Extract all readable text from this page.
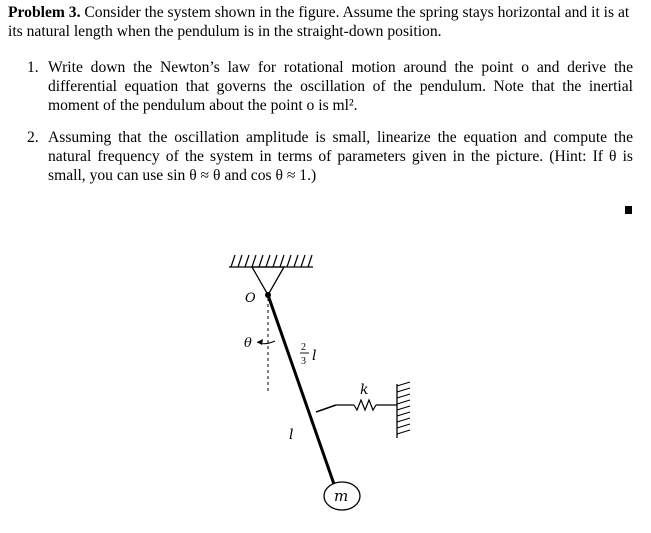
Problem 3. Consider the system shown in the figure. Assume the spring stays horizontal and it is at its natural length when the pendulum is in the straight-down position.
1. Write down the Newton’s law for rotational motion around the point o and derive the differential equation that governs the oscillation of the pendulum. Note that the inertial moment of the pendulum about the point o is ml².
2. Assuming that the oscillation amplitude is small, linearize the equation and compute the natural frequency of the system in terms of parameters given in the picture. (Hint: If θ is small, you can use sin θ ≈ θ and cos θ ≈ 1.)
O
θ	2
3 l
l
k
m
